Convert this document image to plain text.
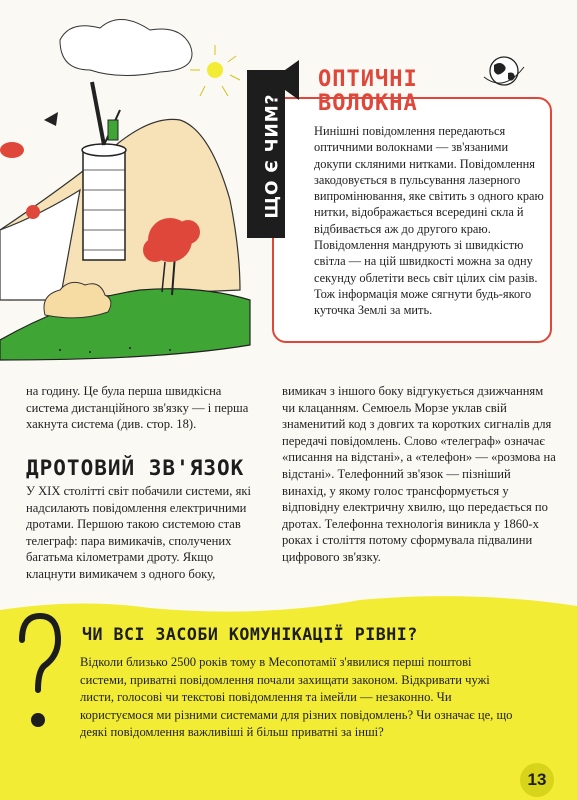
ЩО Є ЧИМ?
ОПТИЧНІ
ВОЛОКНА
Нинішні повідомлення передаються оптичними волокнами — зв'язаними докупи скляними нитками. Повідомлення закодовується в пульсування лазерного випромінювання, яке світить з одного краю нитки, відображається всередині скла й відбивається аж до другого краю. Повідомлення мандрують зі швидкістю світла — на цій швидкості можна за одну секунду облетіти весь світ цілих сім разів. Тож інформація може сягнути будь-якого куточка Землі за мить.
на годину. Це була перша швидкісна система дистанційного зв'язку — і перша хакнута система (див. стор. 18).
ДРОТОВИЙ ЗВ'ЯЗОК
У XIX столітті світ побачили системи, які надсилають повідомлення електричними дротами. Першою такою системою став телеграф: пара вимикачів, сполучених багатьма кілометрами дроту. Якщо клацнути вимикачем з одного боку,
вимикач з іншого боку відгукується дзижчанням чи клацанням. Семюель Морзе уклав свій знаменитий код з довгих та коротких сигналів для передачі повідомлень. Слово «телеграф» означає «писання на відстані», а «телефон» — «розмова на відстані». Телефонний зв'язок — пізніший винахід, у якому голос трансформується у відповідну електричну хвилю, що передається по дротах. Телефонна технологія виникла у 1860-х роках і століття потому сформувала підвалини цифрового зв'язку.
ЧИ ВСІ ЗАСОБИ КОМУНІКАЦІЇ РІВНІ?
Відколи близько 2500 років тому в Месопотамії з'явилися перші поштові системи, приватні повідомлення почали захищати законом. Відкривати чужі листи, голосові чи текстові повідомлення та імейли — незаконно. Чи користуємося ми різними системами для різних повідомлень? Чи означає це, що деякі повідомлення важливіші й більш приватні за інші?
13
